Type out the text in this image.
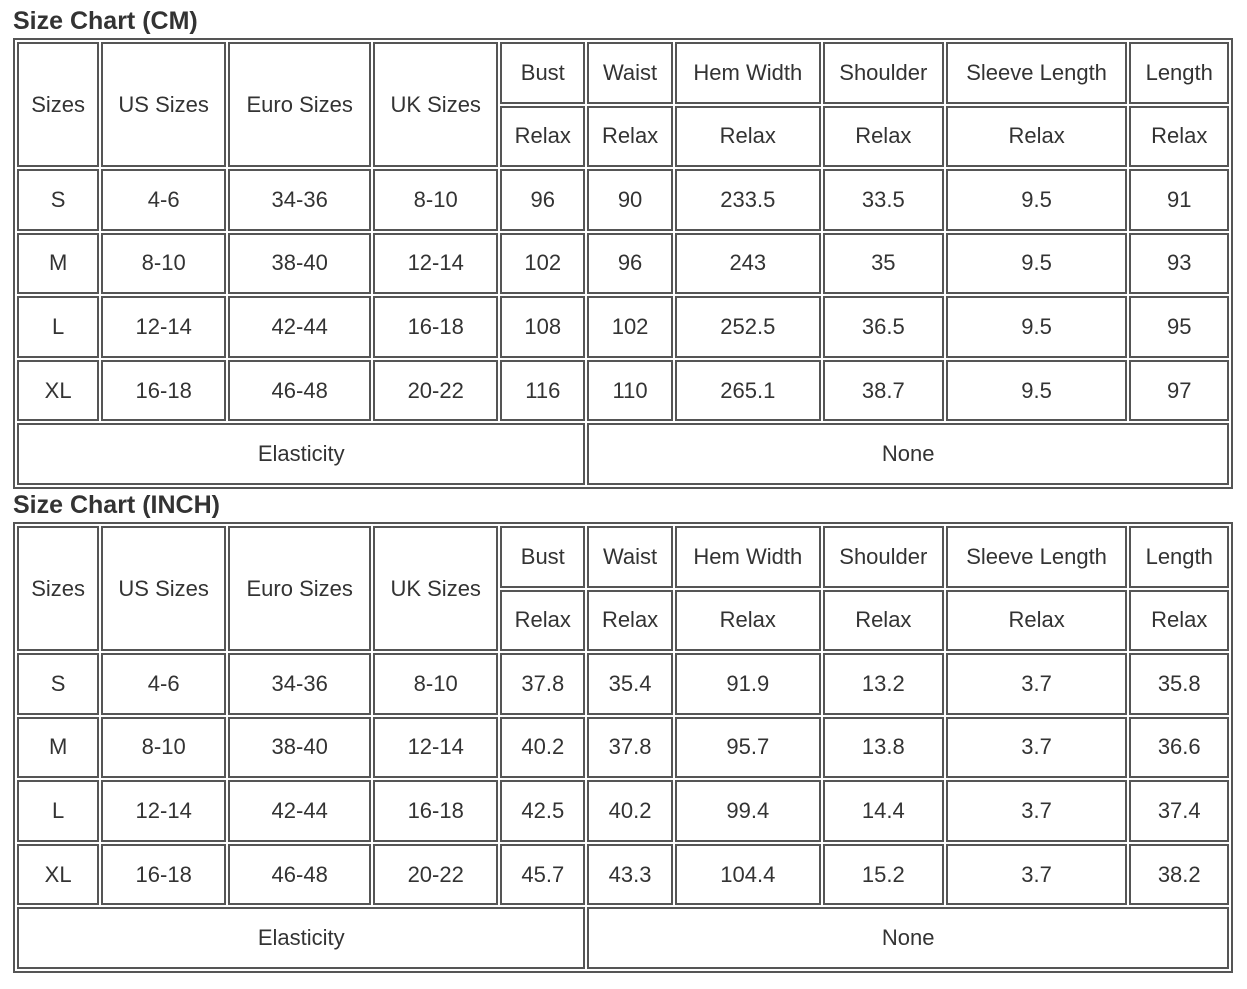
Size Chart (CM)
Sizes	US Sizes	Euro Sizes	UK Sizes	Bust	Waist	Hem Width	Shoulder	Sleeve Length	Length
				Relax	Relax	Relax	Relax	Relax	Relax
S	4-6	34-36	8-10	96	90	233.5	33.5	9.5	91
M	8-10	38-40	12-14	102	96	243	35	9.5	93
L	12-14	42-44	16-18	108	102	252.5	36.5	9.5	95
XL	16-18	46-48	20-22	116	110	265.1	38.7	9.5	97
Elasticity					None				
Size Chart (INCH)
Sizes	US Sizes	Euro Sizes	UK Sizes	Bust	Waist	Hem Width	Shoulder	Sleeve Length	Length
				Relax	Relax	Relax	Relax	Relax	Relax
S	4-6	34-36	8-10	37.8	35.4	91.9	13.2	3.7	35.8
M	8-10	38-40	12-14	40.2	37.8	95.7	13.8	3.7	36.6
L	12-14	42-44	16-18	42.5	40.2	99.4	14.4	3.7	37.4
XL	16-18	46-48	20-22	45.7	43.3	104.4	15.2	3.7	38.2
Elasticity					None				
